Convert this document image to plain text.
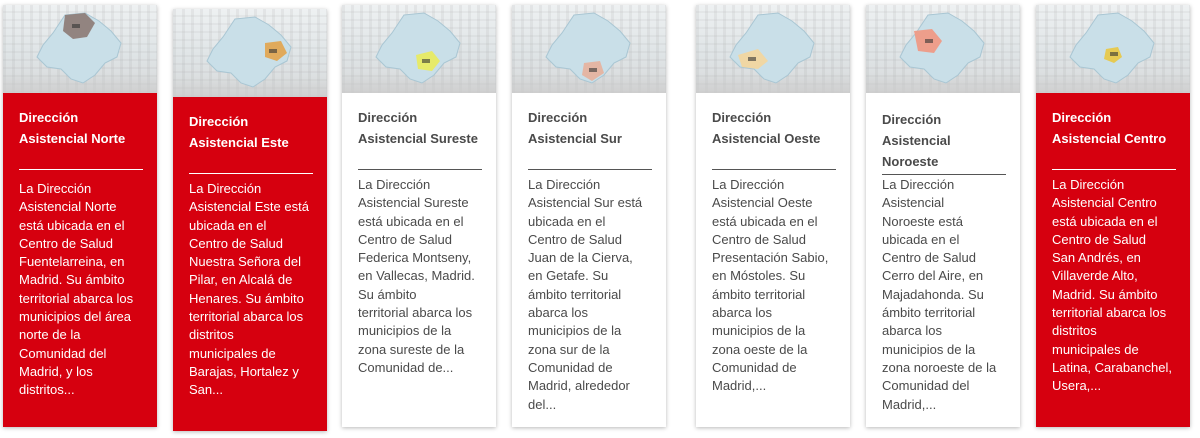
Dirección
Asistencial Norte
La Dirección
Asistencial Norte
está ubicada en el
Centro de Salud
Fuentelarreina, en
Madrid. Su ámbito
territorial abarca los
municipios del área
norte de la
Comunidad del
Madrid, y los
distritos...
Dirección
Asistencial Este
La Dirección
Asistencial Este está
ubicada en el
Centro de Salud
Nuestra Señora del
Pilar, en Alcalá de
Henares. Su ámbito
territorial abarca los
distritos
municipales de
Barajas, Hortalez y
San...
Dirección
Asistencial Sureste
La Dirección
Asistencial Sureste
está ubicada en el
Centro de Salud
Federica Montseny,
en Vallecas, Madrid.
Su ámbito
territorial abarca los
municipios de la
zona sureste de la
Comunidad de...
Dirección
Asistencial Sur
La Dirección
Asistencial Sur está
ubicada en el
Centro de Salud
Juan de la Cierva,
en Getafe. Su
ámbito territorial
abarca los
municipios de la
zona sur de la
Comunidad de
Madrid, alrededor
del...
Dirección
Asistencial Oeste
La Dirección
Asistencial Oeste
está ubicada en el
Centro de Salud
Presentación Sabio,
en Móstoles. Su
ámbito territorial
abarca los
municipios de la
zona oeste de la
Comunidad de
Madrid,...
Dirección
Asistencial
Noroeste
La Dirección
Asistencial
Noroeste está
ubicada en el
Centro de Salud
Cerro del Aire, en
Majadahonda. Su
ámbito territorial
abarca los
municipios de la
zona noroeste de la
Comunidad del
Madrid,...
Dirección
Asistencial Centro
La Dirección
Asistencial Centro
está ubicada en el
Centro de Salud
San Andrés, en
Villaverde Alto,
Madrid. Su ámbito
territorial abarca los
distritos
municipales de
Latina, Carabanchel,
Usera,...
